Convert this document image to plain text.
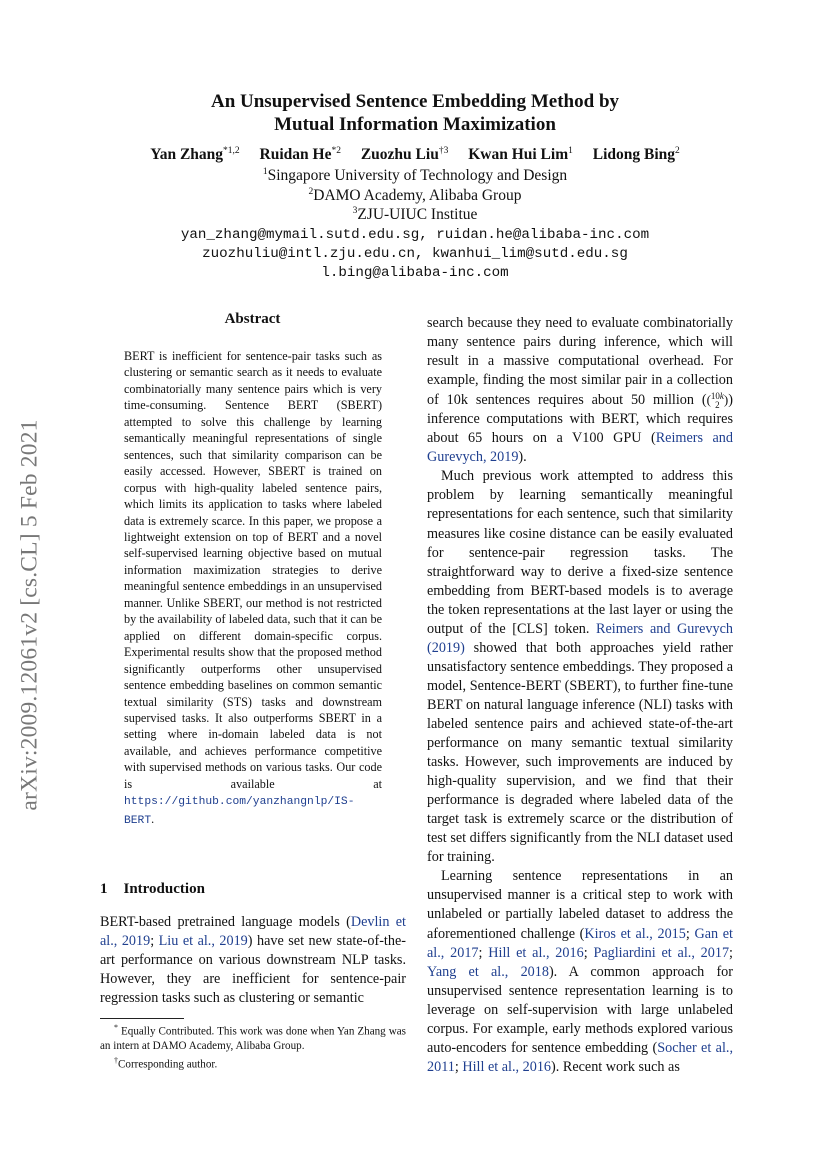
arXiv:2009.12061v2 [cs.CL] 5 Feb 2021
An Unsupervised Sentence Embedding Method by
Mutual Information Maximization
Yan Zhang$^{*1,2}$ Ruidan He$^{*2}$ Zuozhu Liu$^{\dagger 3}$ Kwan Hui Lim$^1$ Lidong Bing$^2$
$^1$Singapore University of Technology and Design
$^2$DAMO Academy, Alibaba Group
$^3$ZJU-UIUC Institue
yan_zhang@mymail.sutd.edu.sg, ruidan.he@alibaba-inc.com
zuozhuliu@intl.zju.edu.cn, kwanhui_lim@sutd.edu.sg
l.bing@alibaba-inc.com
Abstract
BERT is inefficient for sentence-pair tasks such as clustering or semantic search as it needs to evaluate combinatorially many sentence pairs which is very time-consuming. Sentence BERT (SBERT) attempted to solve this challenge by learning semantically meaningful representations of single sentences, such that similarity comparison can be easily accessed. However, SBERT is trained on corpus with high-quality labeled sentence pairs, which limits its application to tasks where labeled data is extremely scarce. In this paper, we propose a lightweight extension on top of BERT and a novel self-supervised learning objective based on mutual information maximization strategies to derive meaningful sentence embeddings in an unsupervised manner. Unlike SBERT, our method is not restricted by the availability of labeled data, such that it can be applied on different domain-specific corpus. Experimental results show that the proposed method significantly outperforms other unsupervised sentence embedding baselines on common semantic textual similarity (STS) tasks and downstream supervised tasks. It also outperforms SBERT in a setting where in-domain labeled data is not available, and achieves performance competitive with supervised methods on various tasks. Our code is available at https://github.com/yanzhangnlp/IS-BERT.
1 Introduction
BERT-based pretrained language models (Devlin et al., 2019; Liu et al., 2019) have set new state-of-the-art performance on various downstream NLP tasks. However, they are inefficient for sentence-pair regression tasks such as clustering or semantic

* Equally Contributed. This work was done when Yan Zhang was an intern at DAMO Academy, Alibaba Group.

†Corresponding author.

search because they need to evaluate combinatorially many sentence pairs during inference, which will result in a massive computational overhead. For example, finding the most similar pair in a collection of 10k sentences requires about 50 million (( 10k
2 )) inference computations with BERT, which requires about 65 hours on a V100 GPU (Reimers and Gurevych, 2019).

Much previous work attempted to address this problem by learning semantically meaningful representations for each sentence, such that similarity measures like cosine distance can be easily evaluated for sentence-pair regression tasks. The straightforward way to derive a fixed-size sentence embedding from BERT-based models is to average the token representations at the last layer or using the output of the [CLS] token. Reimers and Gurevych (2019) showed that both approaches yield rather unsatisfactory sentence embeddings. They proposed a model, Sentence-BERT (SBERT), to further fine-tune BERT on natural language inference (NLI) tasks with labeled sentence pairs and achieved state-of-the-art performance on many semantic textual similarity tasks. However, such improvements are induced by high-quality supervision, and we find that their performance is degraded where labeled data of the target task is extremely scarce or the distribution of test set differs significantly from the NLI dataset used for training.

Learning sentence representations in an unsupervised manner is a critical step to work with unlabeled or partially labeled dataset to address the aforementioned challenge (Kiros et al., 2015; Gan et al., 2017; Hill et al., 2016; Pagliardini et al., 2017; Yang et al., 2018). A common approach for unsupervised sentence representation learning is to leverage on self-supervision with large unlabeled corpus. For example, early methods explored various auto-encoders for sentence embedding (Socher et al., 2011; Hill et al., 2016). Recent work such as
